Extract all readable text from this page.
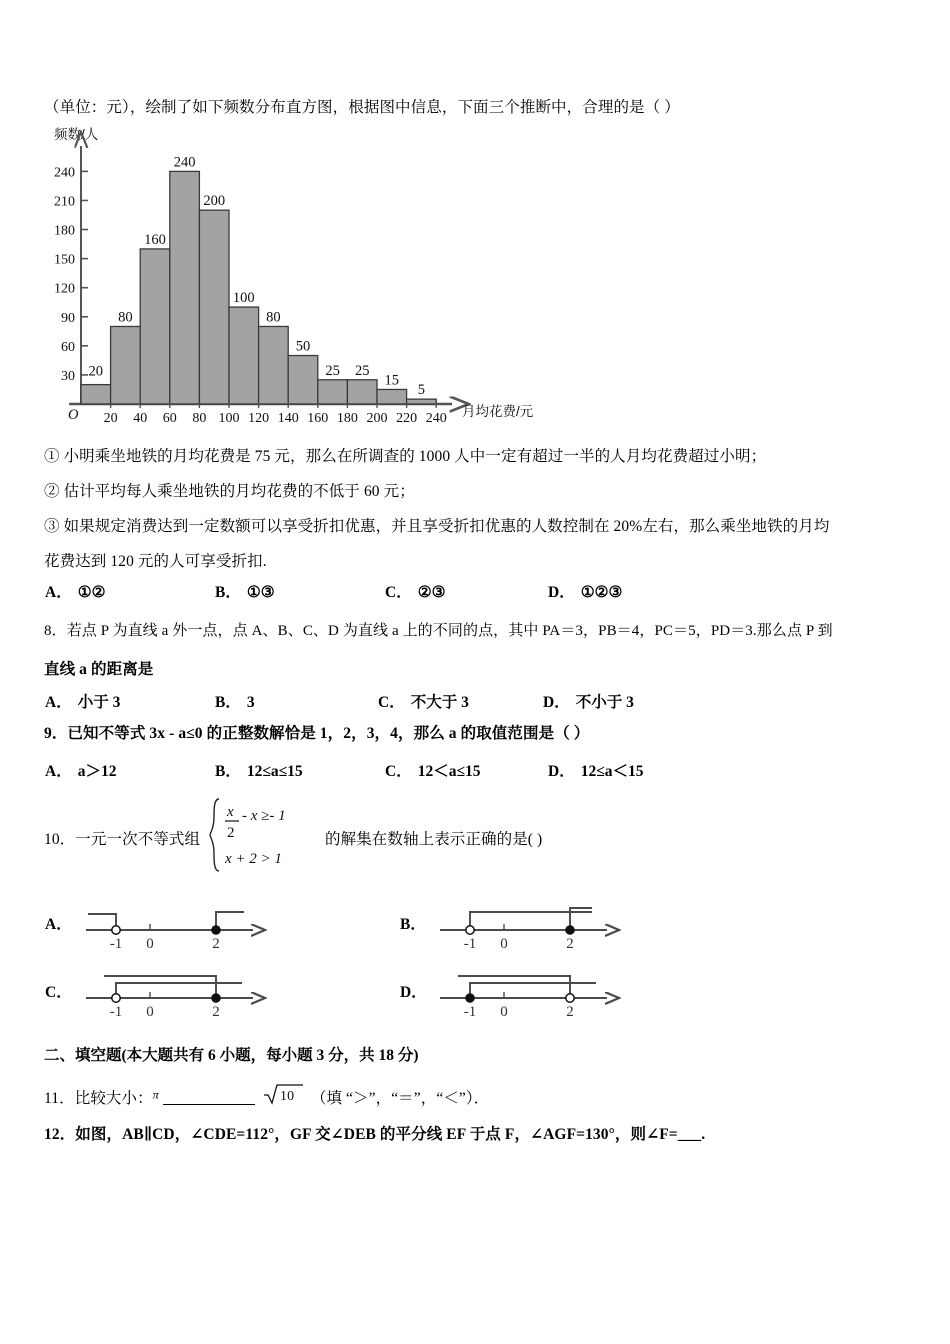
（单位：元），绘制了如下频数分布直方图，根据图中信息，下面三个推断中，合理的是（ ）
频数/人
O
30
60
90
120
150
180
210
240
20
80
160
240
200
100
80
50
25 25
15
5
20 40 60 80 100 120 140 160 180 200 220 240 月均花费/元
① 小明乘坐地铁的月均花费是 75 元，那么在所调查的 1000 人中一定有超过一半的人月均花费超过小明；
② 估计平均每人乘坐地铁的月均花费的不低于 60 元；
③ 如果规定消费达到一定数额可以享受折扣优惠，并且享受折扣优惠的人数控制在 20%左右，那么乘坐地铁的月均
花费达到 120 元的人可享受折扣.
A． ①②	B． ①③	C． ②③	D． ①②③
8．若点 P 为直线 a 外一点，点 A、B、C、D 为直线 a 上的不同的点，其中 PA＝3，PB＝4，PC＝5，PD＝3.那么点 P 到
直线 a 的距离是
A． 小于 3	B． 3	C． 不大于 3	D． 不小于 3
9．已知不等式 3x - a≤0 的正整数解恰是 1，2，3，4，那么 a 的取值范围是（ ）
A． a＞12	B． 12≤a≤15	C． 12＜a≤15	D． 12≤a＜15
10．一元一次不等式组
x
2
- x ≥- 1
x + 2 > 1
的解集在数轴上表示正确的是( )
A．
-1 0	2
B．
-1 0	2
C．
-1 0	2
D．
-1 0	2
二、填空题(本大题共有 6 小题，每小题 3 分，共 18 分)
11．比较大小：$^\pi$	10 （填 “＞”，“＝”，“＜”）．
12．如图，AB∥CD，∠CDE=112°，GF 交∠DEB 的平分线 EF 于点 F，∠AGF=130°，则∠F=___.
